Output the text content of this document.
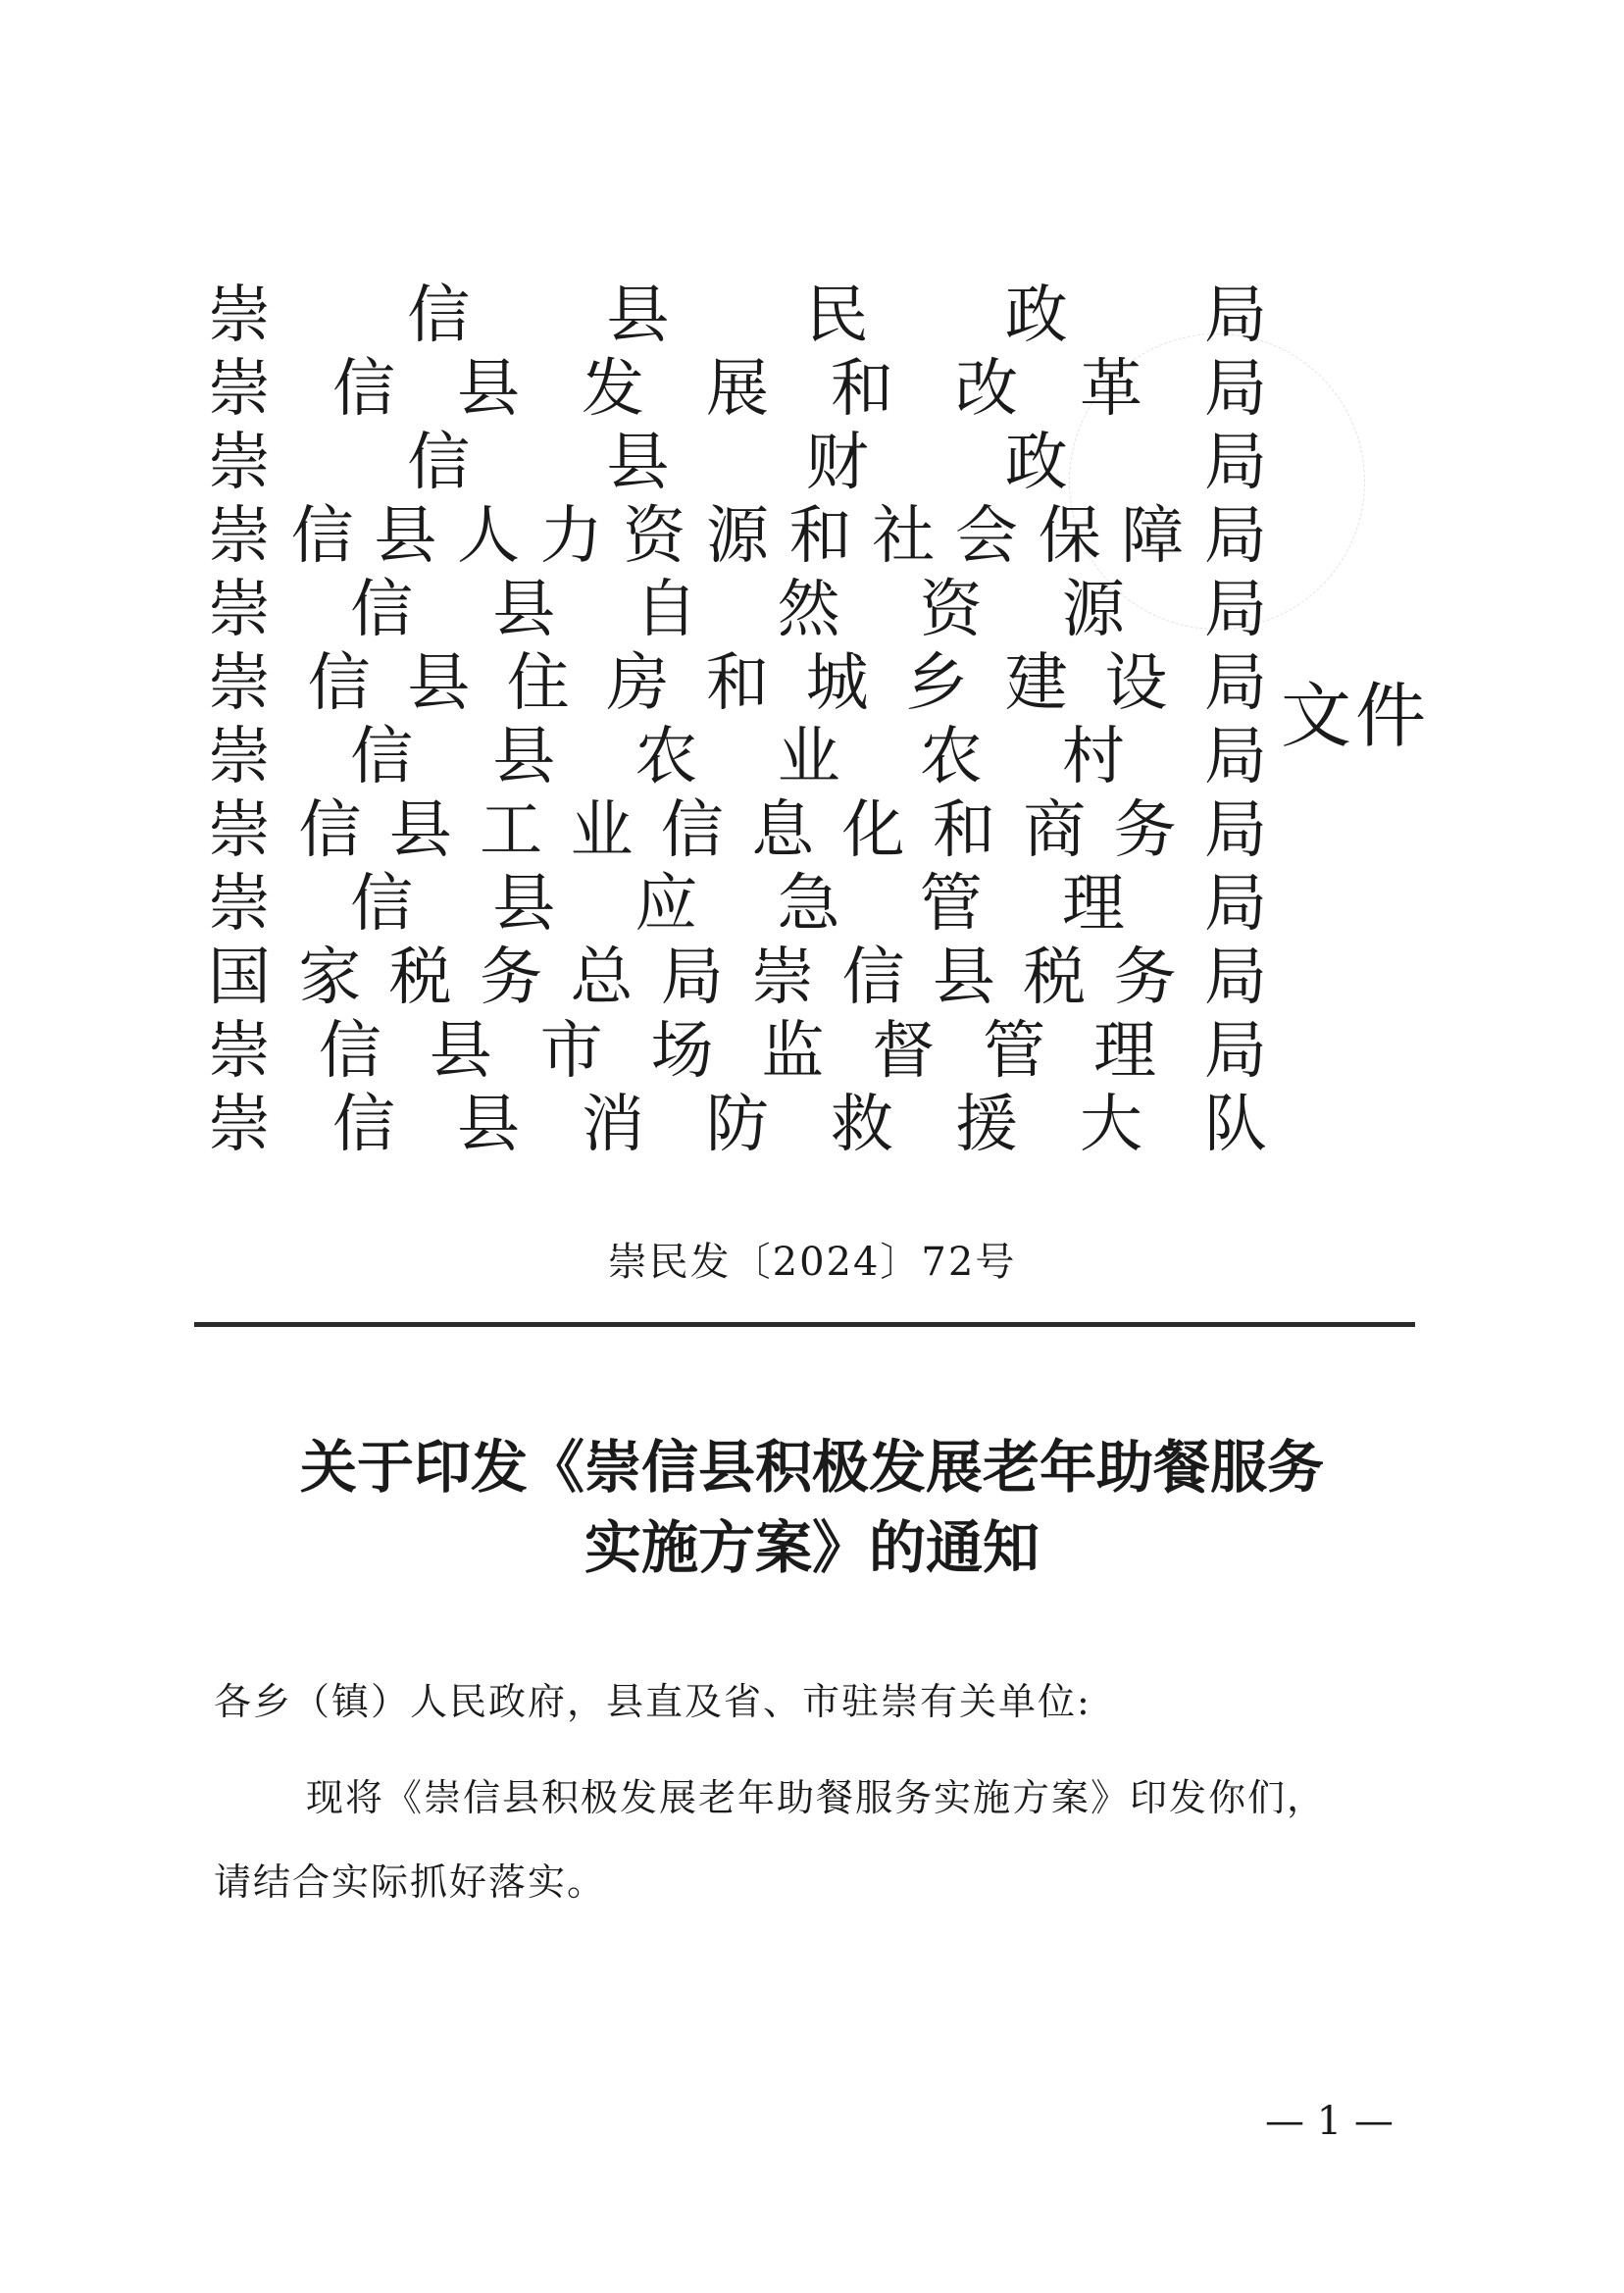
崇 信 县 民 政 局
崇 信 县 发 展 和 改 革 局
崇 信 县 财 政 局
崇 信 县 人 力 资 源 和 社 会 保 障 局
崇 信 县 自 然 资 源 局
崇 信 县 住 房 和 城 乡 建 设 局
崇 信 县 农 业 农 村 局
崇 信 县 工 业 信 息 化 和 商 务 局
崇 信 县 应 急 管 理 局
国 家 税 务 总 局 崇 信 县 税 务 局
崇 信 县 市 场 监 督 管 理 局
崇 信 县 消 防 救 援 大 队
文件
崇民发〔2024〕72号
关于印发《崇信县积极发展老年助餐服务
实施方案》的通知
各乡（镇）人民政府，县直及省、市驻崇有关单位:
现将《崇信县积极发展老年助餐服务实施方案》印发你们，
请结合实际抓好落实。
— 1 —
